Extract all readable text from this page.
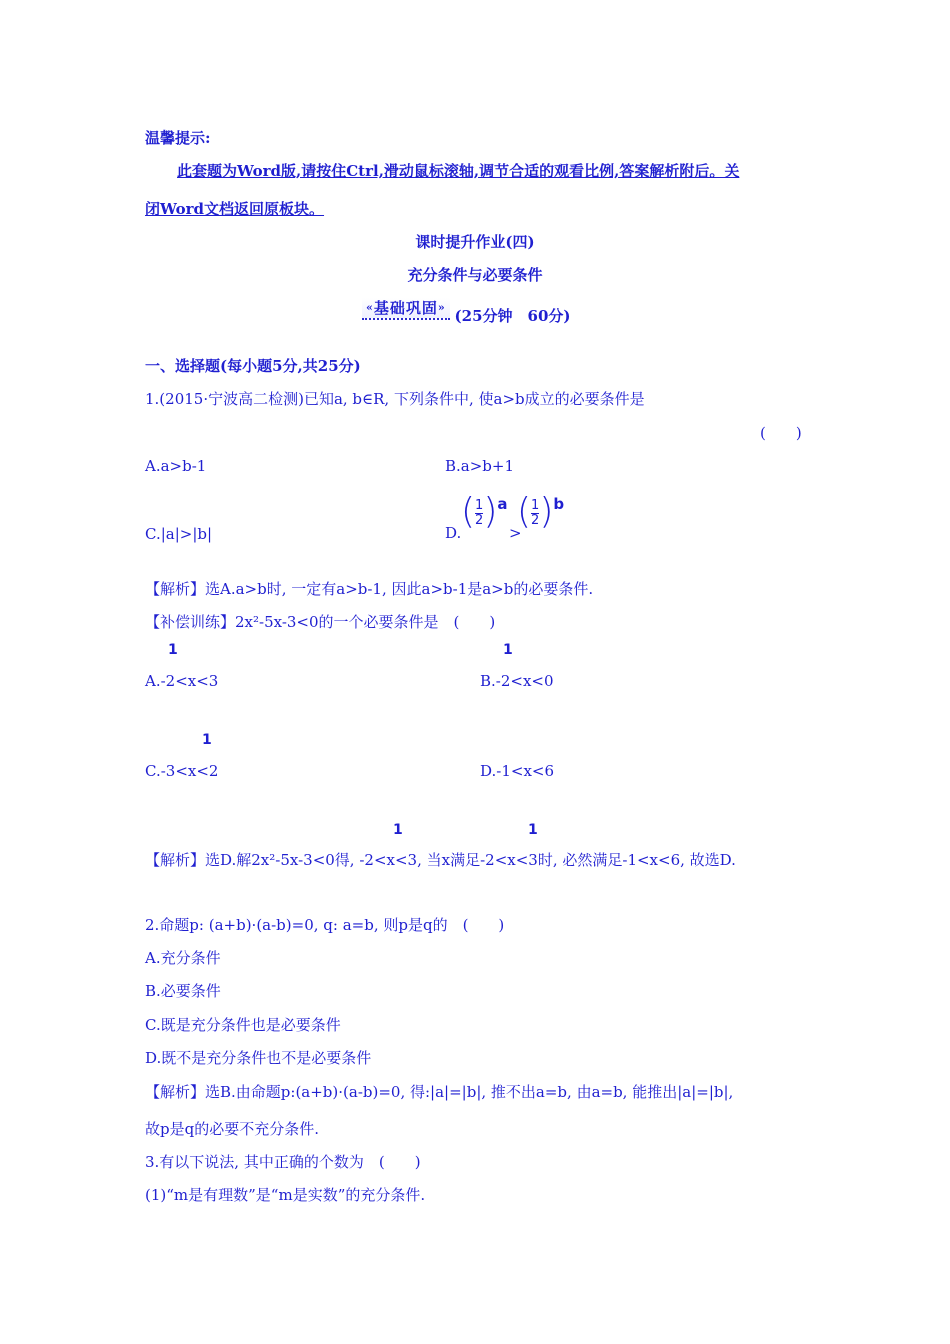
温馨提示:
此套题为Word版,请按住Ctrl,滑动鼠标滚轴,调节合适的观看比例,答案解析附后。关
闭Word文档返回原板块。
课时提升作业(四)
充分条件与必要条件
«基础巩固» (25分钟　60分)
一、选择题(每小题5分,共25分)
1.(2015·宁波高二检测)已知a, b∈R, 下列条件中, 使a>b成立的必要条件是
(　　)
A.a>b-1	B.a>b+1
C.|a|>|b|	D.
$(\frac{1}{2})a$
>
$(\frac{1}{2})b$
【解析】选A.a>b时, 一定有a>b-1, 因此a>b-1是a>b的必要条件.
【补偿训练】2x²-5x-3<0的一个必要条件是　(　　)
1
A.-2<x<3
1
B.-2<x<0
1
C.-3<x<2	D.-1<x<6
1	1
【解析】选D.解2x²-5x-3<0得, -2<x<3, 当x满足-2<x<3时, 必然满足-1<x<6, 故选D.
2.命题p: (a+b)·(a-b)=0, q: a=b, 则p是q的　(　　)
A.充分条件
B.必要条件
C.既是充分条件也是必要条件
D.既不是充分条件也不是必要条件
【解析】选B.由命题p:(a+b)·(a-b)=0, 得:|a|=|b|, 推不出a=b, 由a=b, 能推出|a|=|b|,
故p是q的必要不充分条件.
3.有以下说法, 其中正确的个数为　(　　)
(1)“m是有理数”是“m是实数”的充分条件.
